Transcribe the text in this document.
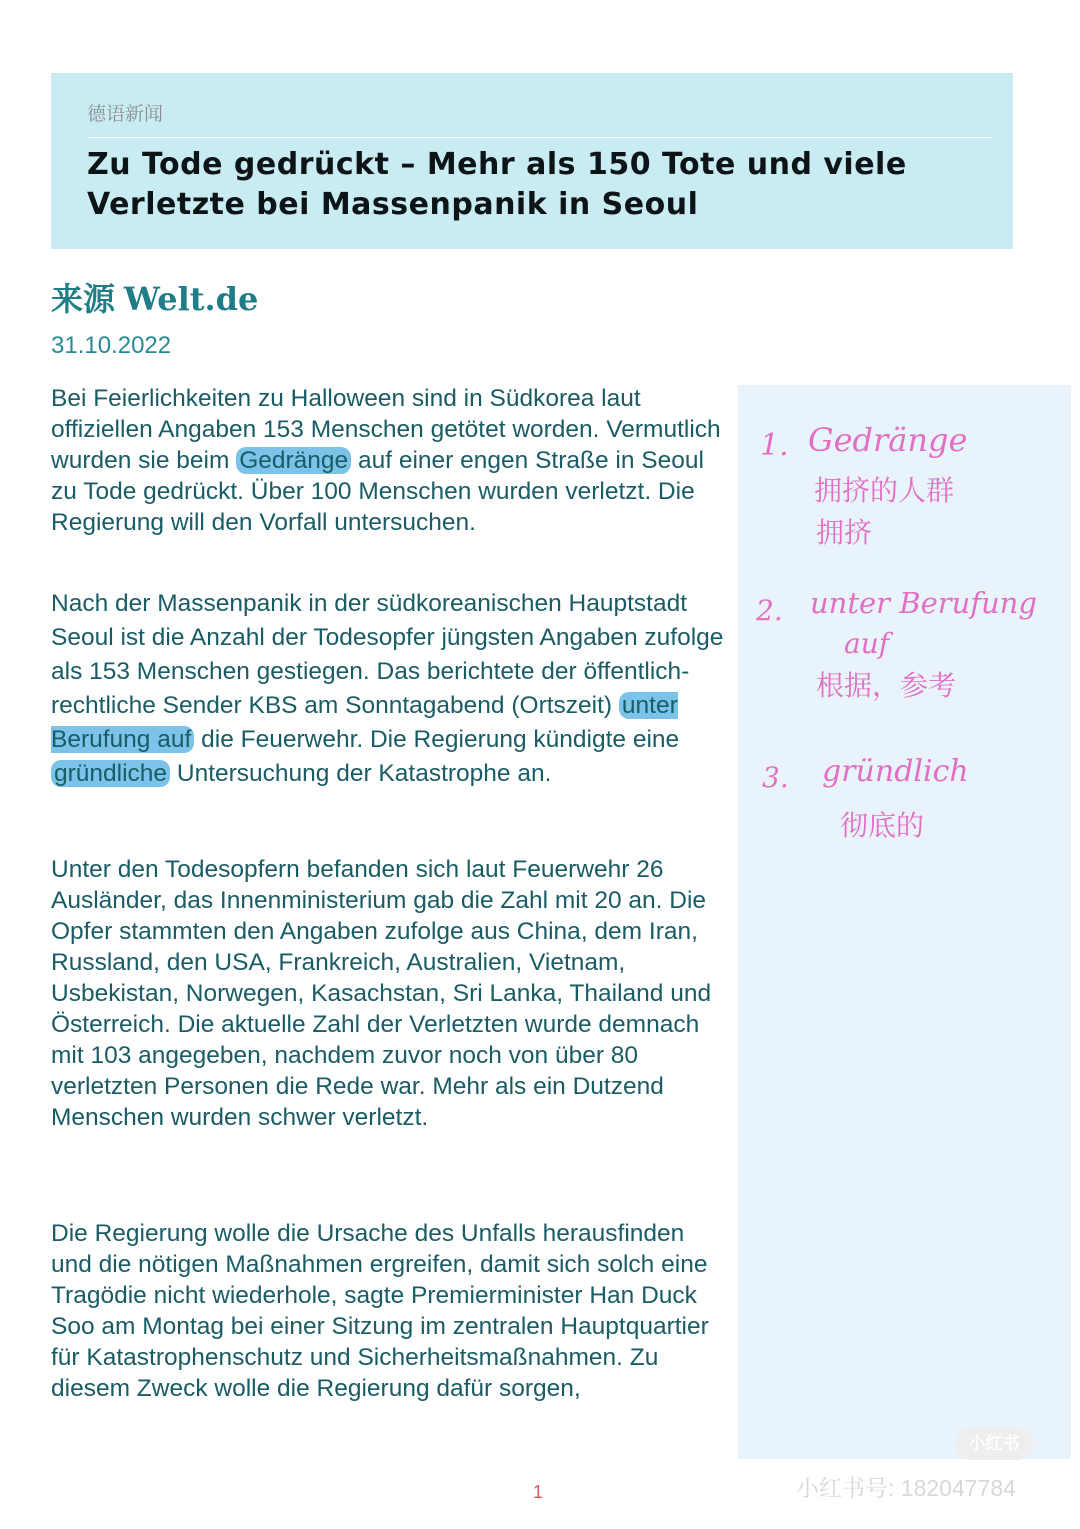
德语新闻
Zu Tode gedrückt – Mehr als 150 Tote und viele
Verletzte bei Massenpanik in Seoul
来源 Welt.de
31.10.2022

Bei Feierlichkeiten zu Halloween sind in Südkorea laut offiziellen Angaben 153 Menschen getötet worden. Vermutlich wurden sie beim Gedränge auf einer engen Straße in Seoul zu Tode gedrückt. Über 100 Menschen wurden verletzt. Die Regierung will den Vorfall untersuchen.

Nach der Massenpanik in der südkoreanischen Hauptstadt Seoul ist die Anzahl der Todesopfer jüngsten Angaben zufolge als 153 Menschen gestiegen. Das berichtete der öffentlich-rechtliche Sender KBS am Sonntagabend (Ortszeit) unter Berufung auf die Feuerwehr. Die Regierung kündigte eine gründliche Untersuchung der Katastrophe an.

Unter den Todesopfern befanden sich laut Feuerwehr 26 Ausländer, das Innenministerium gab die Zahl mit 20 an. Die Opfer stammten den Angaben zufolge aus China, dem Iran, Russland, den USA, Frankreich, Australien, Vietnam, Usbekistan, Norwegen, Kasachstan, Sri Lanka, Thailand und Österreich. Die aktuelle Zahl der Verletzten wurde demnach mit 103 angegeben, nachdem zuvor noch von über 80 verletzten Personen die Rede war. Mehr als ein Dutzend Menschen wurden schwer verletzt.

Die Regierung wolle die Ursache des Unfalls herausfinden und die nötigen Maßnahmen ergreifen, damit sich solch eine Tragödie nicht wiederhole, sagte Premierminister Han Duck Soo am Montag bei einer Sitzung im zentralen Hauptquartier für Katastrophenschutz und Sicherheitsmaßnahmen. Zu diesem Zweck wolle die Regierung dafür sorgen,

1. Gedränge
拥挤的人群
拥挤
2. unter Berufung
auf
根据，参考
3. gründlich
彻底的
小红书
小红书号: 182047784
1
